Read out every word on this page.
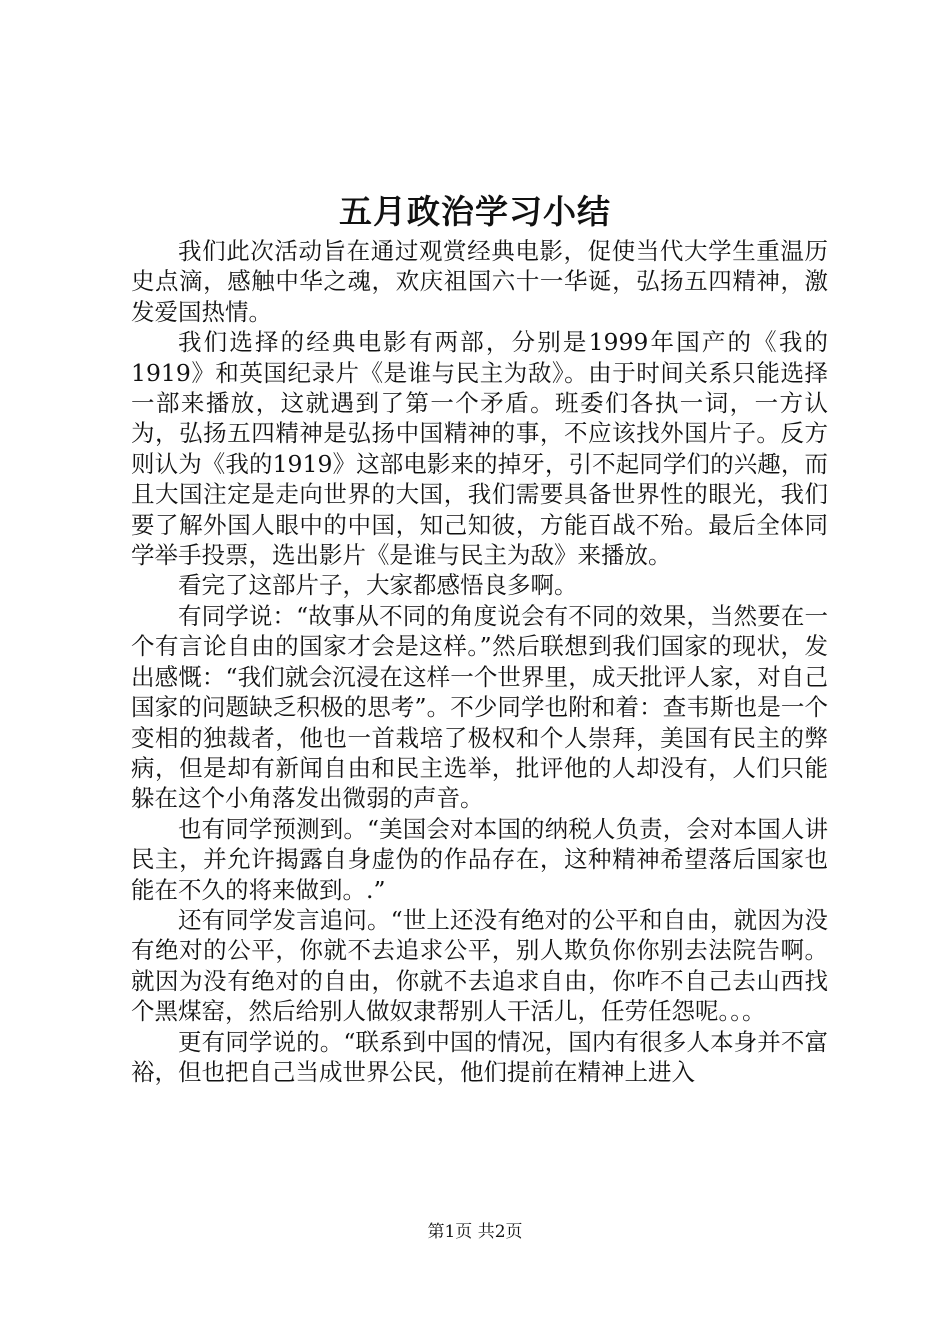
五月政治学习小结

我们此次活动旨在通过观赏经典电影，促使当代大学生重温历史点滴，感触中华之魂，欢庆祖国六十一华诞，弘扬五四精神，激发爱国热情。

我们选择的经典电影有两部，分别是1999年国产的《我的1919》和英国纪录片《是谁与民主为敌》。由于时间关系只能选择一部来播放，这就遇到了第一个矛盾。班委们各执一词，一方认为，弘扬五四精神是弘扬中国精神的事，不应该找外国片子。反方则认为《我的1919》这部电影来的掉牙，引不起同学们的兴趣，而且大国注定是走向世界的大国，我们需要具备世界性的眼光，我们要了解外国人眼中的中国，知己知彼，方能百战不殆。最后全体同学举手投票，选出影片《是谁与民主为敌》来播放。

看完了这部片子，大家都感悟良多啊。

有同学说：“故事从不同的角度说会有不同的效果，当然要在一个有言论自由的国家才会是这样。”然后联想到我们国家的现状，发出感慨：“我们就会沉浸在这样一个世界里，成天批评人家，对自己国家的问题缺乏积极的思考”。不少同学也附和着：查韦斯也是一个变相的独裁者，他也一首栽培了极权和个人崇拜，美国有民主的弊病，但是却有新闻自由和民主选举，批评他的人却没有，人们只能躲在这个小角落发出微弱的声音。

也有同学预测到。“美国会对本国的纳税人负责，会对本国人讲民主，并允许揭露自身虚伪的作品存在，这种精神希望落后国家也能在不久的将来做到。.”

还有同学发言追问。“世上还没有绝对的公平和自由，就因为没有绝对的公平，你就不去追求公平，别人欺负你你别去法院告啊。就因为没有绝对的自由，你就不去追求自由，你咋不自己去山西找个黑煤窑，然后给别人做奴隶帮别人干活儿，任劳任怨呢。。。

更有同学说的。“联系到中国的情况，国内有很多人本身并不富裕，但也把自己当成世界公民，他们提前在精神上进入

第1页 共2页
